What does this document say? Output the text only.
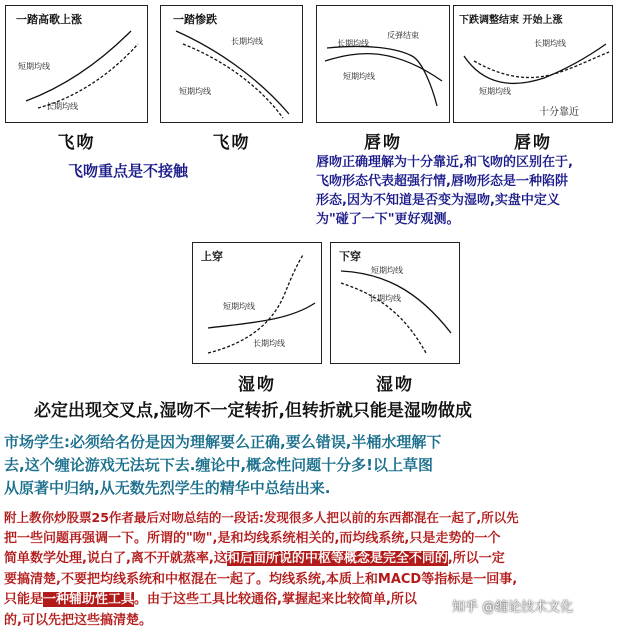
一踏高歌上涨
短期均线
长期均线
一踏惨跌
长期均线
短期均线
反弹结束
长期均线
短期均线
下跌调整结束 开始上涨
长期均线
短期均线
十分靠近
飞吻	飞吻	唇吻	唇吻
飞吻重点是不接触	唇吻正确理解为十分靠近,和飞吻的区别在于,
飞吻形态代表超强行情,唇吻形态是一种陷阱
形态,因为不知道是否变为湿吻,实盘中定义
为"碰了一下"更好观测。
上穿
短期均线
长期均线
下穿
短期均线
长期均线
湿吻	湿吻
必定出现交叉点,湿吻不一定转折,但转折就只能是湿吻做成
市场学生:必须给名份是因为理解要么正确,要么错误,半桶水理解下
去,这个缠论游戏无法玩下去.缠论中,概念性问题十分多!以上草图
从原著中归纳,从无数先烈学生的精华中总结出来.
附上教你炒股票25作者最后对吻总结的一段话:发现很多人把以前的东西都混在一起了,所以先
把一些问题再强调一下。所谓的"吻",是和均线系统相关的,而均线系统,只是走势的一个
简单数学处理,说白了,离不开就蒸率,这和后面所说的中枢等概念是完全不同的,所以一定
要搞清楚,不要把均线系统和中枢混在一起了。均线系统,本质上和MACD等指标是一回事,
只能是一种辅助性工具。由于这些工具比较通俗,掌握起来比较简单,所以
的,可以先把这些搞清楚。
知乎 @缠论技术文化
